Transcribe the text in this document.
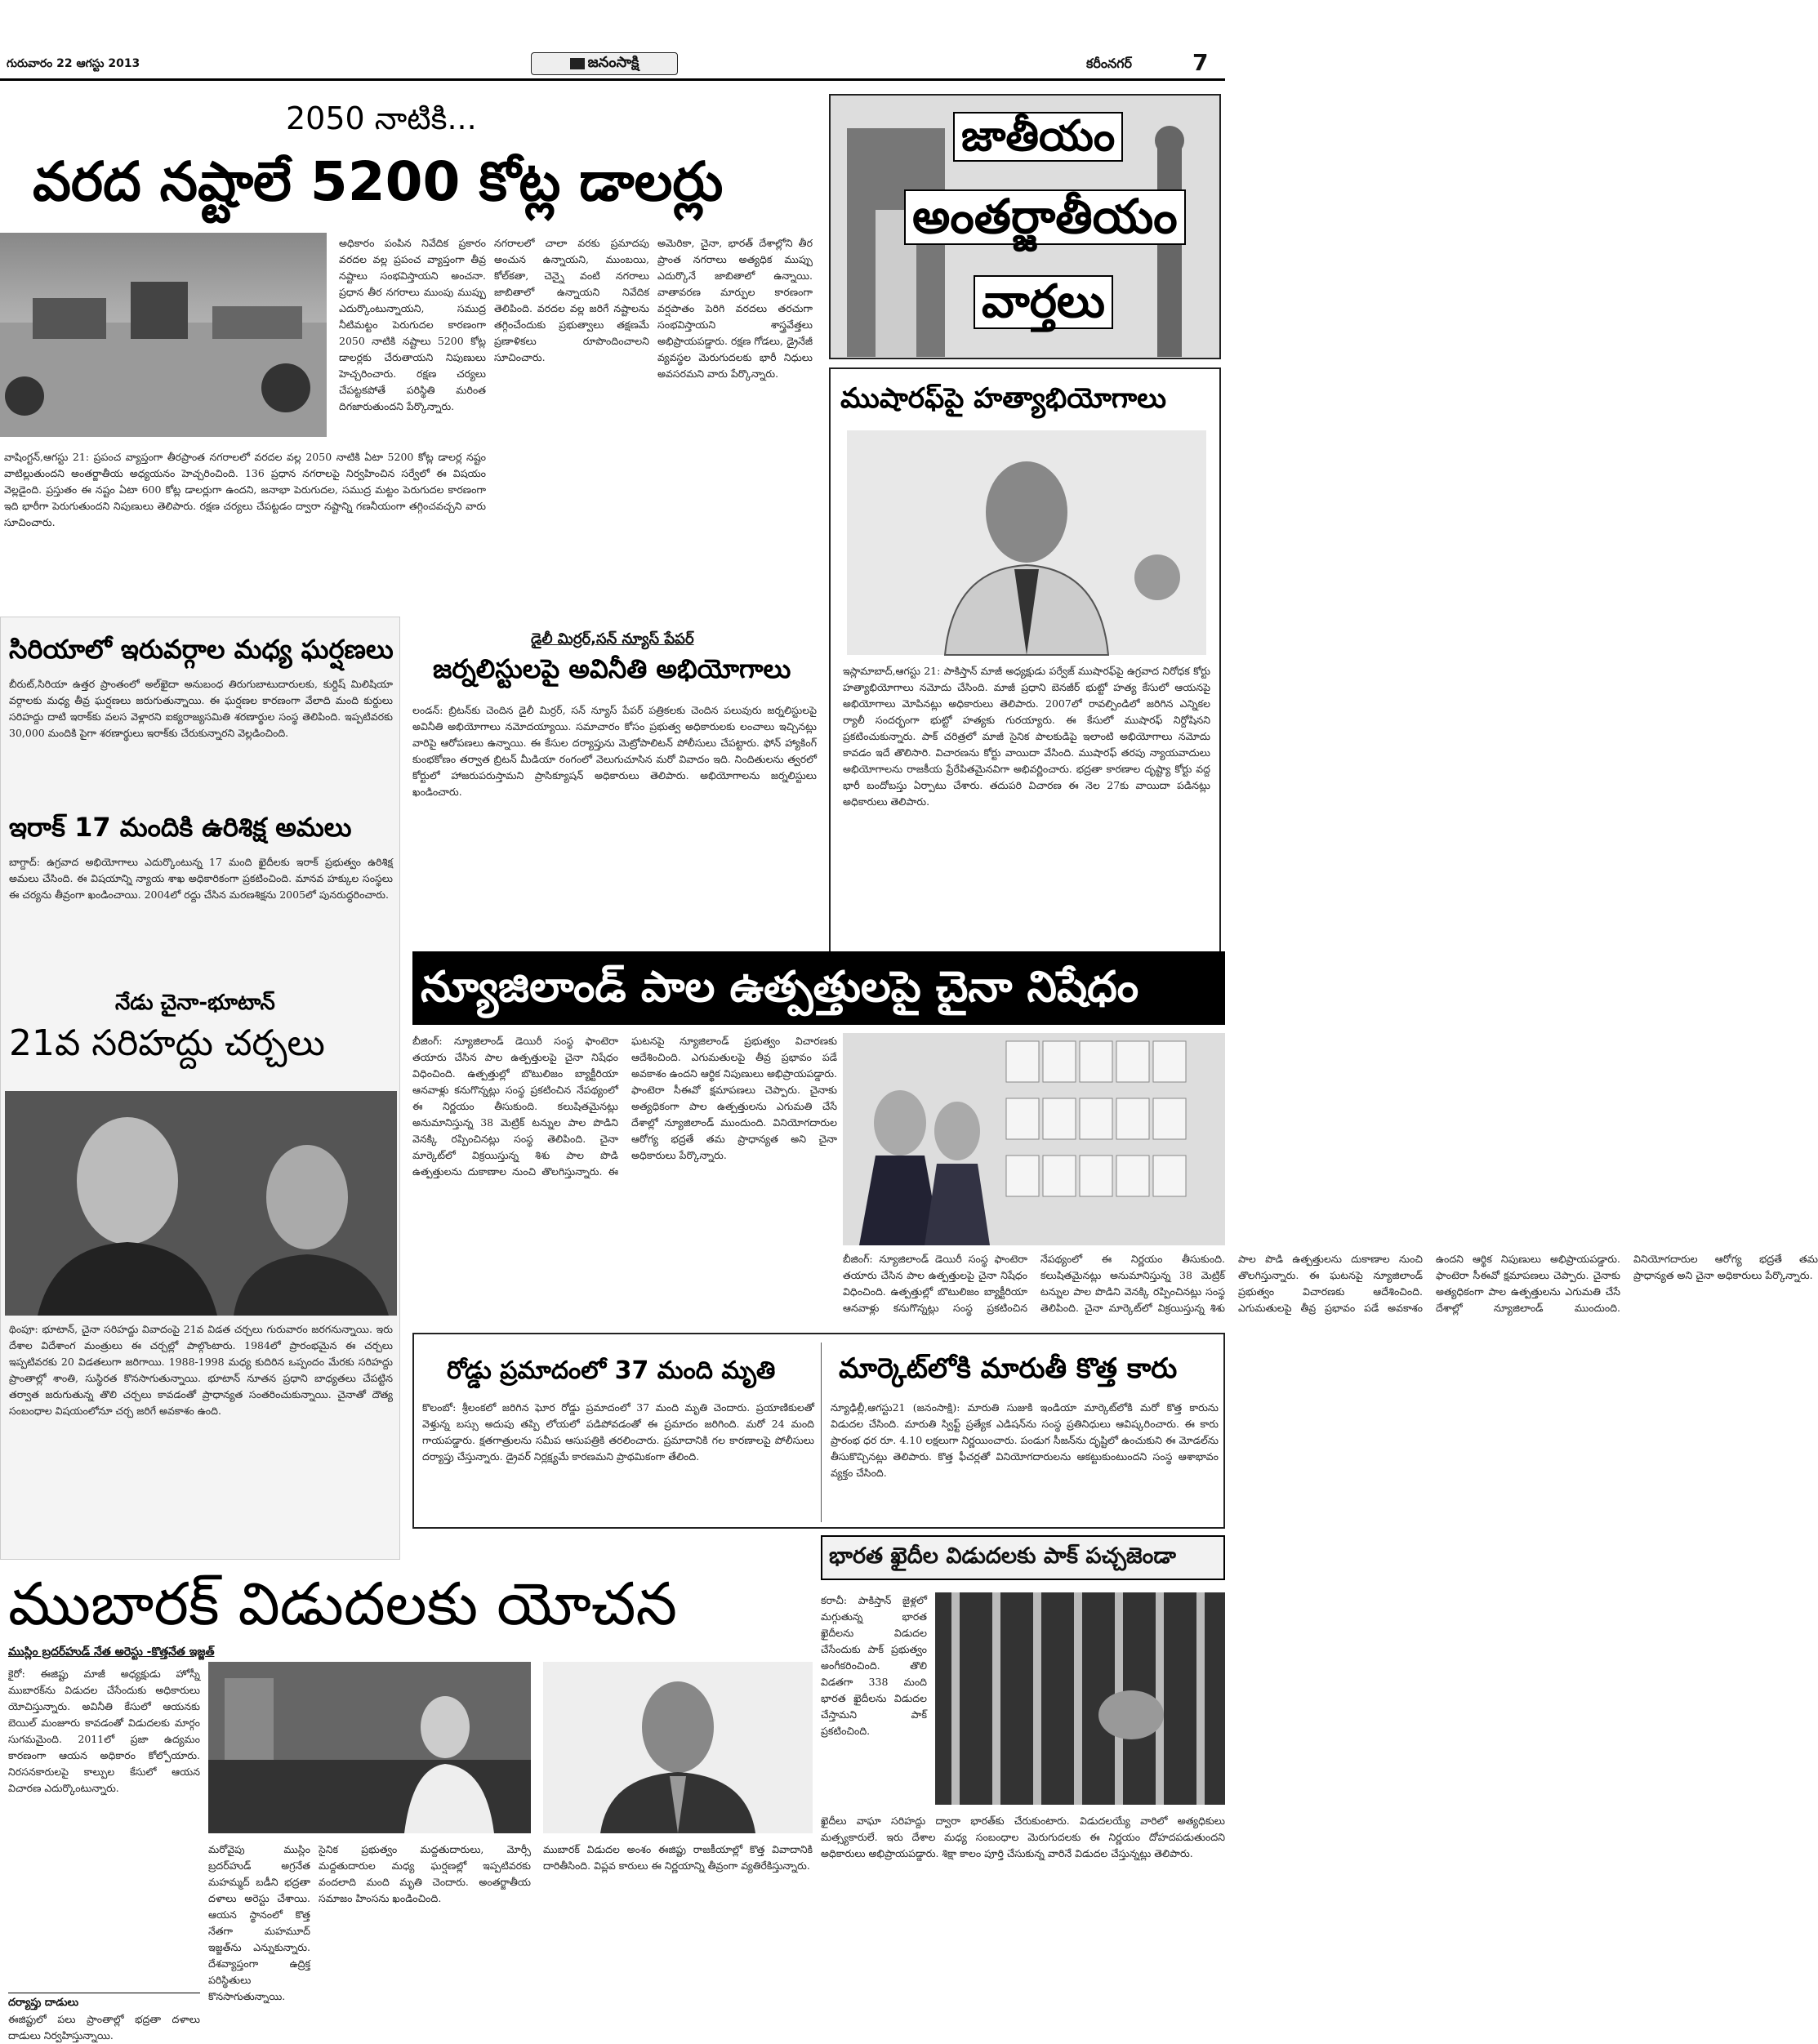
గురువారం 22 ఆగస్టు 2013	జనంసాక్షి	కరీంనగర్	7
2050 నాటికి...
వరద నష్టాలే 5200 కోట్ల డాలర్లు
అధికారం పంపిన నివేదిక ప్రకారం వరదల వల్ల ప్రపంచ వ్యాప్తంగా తీవ్ర నష్టాలు సంభవిస్తాయని అంచనా. ప్రధాన తీర నగరాలు ముంపు ముప్పు ఎదుర్కొంటున్నాయని, సముద్ర నీటిమట్టం పెరుగుదల కారణంగా 2050 నాటికి నష్టాలు 5200 కోట్ల డాలర్లకు చేరుతాయని నిపుణులు హెచ్చరించారు. రక్షణ చర్యలు చేపట్టకపోతే పరిస్థితి మరింత దిగజారుతుందని పేర్కొన్నారు.
నగరాలలో చాలా వరకు ప్రమాదపు అంచున ఉన్నాయని, ముంబయి, కోల్‌కతా, చెన్నై వంటి నగరాలు జాబితాలో ఉన్నాయని నివేదిక తెలిపింది. వరదల వల్ల జరిగే నష్టాలను తగ్గించేందుకు ప్రభుత్వాలు తక్షణమే ప్రణాళికలు రూపొందించాలని సూచించారు.
అమెరికా, చైనా, భారత్ దేశాల్లోని తీర ప్రాంత నగరాలు అత్యధిక ముప్పు ఎదుర్కొనే జాబితాలో ఉన్నాయి. వాతావరణ మార్పుల కారణంగా వర్షపాతం పెరిగి వరదలు తరచుగా సంభవిస్తాయని శాస్త్రవేత్తలు అభిప్రాయపడ్డారు. రక్షణ గోడలు, డ్రైనేజీ వ్యవస్థల మెరుగుదలకు భారీ నిధులు అవసరమని వారు పేర్కొన్నారు.
వాషింగ్టన్,ఆగస్టు 21: ప్రపంచ వ్యాప్తంగా తీరప్రాంత నగరాలలో వరదల వల్ల 2050 నాటికి ఏటా 5200 కోట్ల డాలర్ల నష్టం వాటిల్లుతుందని అంతర్జాతీయ అధ్యయనం హెచ్చరించింది. 136 ప్రధాన నగరాలపై నిర్వహించిన సర్వేలో ఈ విషయం వెల్లడైంది. ప్రస్తుతం ఈ నష్టం ఏటా 600 కోట్ల డాలర్లుగా ఉందని, జనాభా పెరుగుదల, సముద్ర మట్టం పెరుగుదల కారణంగా ఇది భారీగా పెరుగుతుందని నిపుణులు తెలిపారు. రక్షణ చర్యలు చేపట్టడం ద్వారా నష్టాన్ని గణనీయంగా తగ్గించవచ్చని వారు సూచించారు.
జాతీయం
అంతర్జాతీయం
వార్తలు
ముషారఫ్‌పై హత్యాభియోగాలు
ఇస్లామాబాద్,ఆగస్టు 21: పాకిస్తాన్ మాజీ అధ్యక్షుడు పర్వేజ్ ముషారఫ్‌పై ఉగ్రవాద నిరోధక కోర్టు హత్యాభియోగాలు నమోదు చేసింది. మాజీ ప్రధాని బెనజీర్ భుట్టో హత్య కేసులో ఆయనపై అభియోగాలు మోపినట్లు అధికారులు తెలిపారు. 2007లో రావల్పిండిలో జరిగిన ఎన్నికల ర్యాలీ సందర్భంగా భుట్టో హత్యకు గురయ్యారు. ఈ కేసులో ముషారఫ్ నిర్దోషినని ప్రకటించుకున్నారు. పాక్ చరిత్రలో మాజీ సైనిక పాలకుడిపై ఇలాంటి అభియోగాలు నమోదు కావడం ఇదే తొలిసారి. విచారణను కోర్టు వాయిదా వేసింది. ముషారఫ్ తరపు న్యాయవాదులు అభియోగాలను రాజకీయ ప్రేరేపితమైనవిగా అభివర్ణించారు. భద్రతా కారణాల దృష్ట్యా కోర్టు వద్ద భారీ బందోబస్తు ఏర్పాటు చేశారు. తదుపరి విచారణ ఈ నెల 27కు వాయిదా పడినట్లు అధికారులు తెలిపారు.
సిరియాలో ఇరువర్గాల మధ్య ఘర్షణలు
బీరుట్,సిరియా ఉత్తర ప్రాంతంలో అల్‌ఖైదా అనుబంధ తిరుగుబాటుదారులకు, కుర్దిష్ మిలిషియా వర్గాలకు మధ్య తీవ్ర ఘర్షణలు జరుగుతున్నాయి. ఈ ఘర్షణల కారణంగా వేలాది మంది కుర్దులు సరిహద్దు దాటి ఇరాక్‌కు వలస వెళ్లారని ఐక్యరాజ్యసమితి శరణార్థుల సంస్థ తెలిపింది. ఇప్పటివరకు 30,000 మందికి పైగా శరణార్థులు ఇరాక్‌కు చేరుకున్నారని వెల్లడించింది.
ఇరాక్ 17 మందికి ఉరిశిక్ష అమలు
బాగ్దాద్: ఉగ్రవాద అభియోగాలు ఎదుర్కొంటున్న 17 మంది ఖైదీలకు ఇరాక్ ప్రభుత్వం ఉరిశిక్ష అమలు చేసింది. ఈ విషయాన్ని న్యాయ శాఖ అధికారికంగా ప్రకటించింది. మానవ హక్కుల సంస్థలు ఈ చర్యను తీవ్రంగా ఖండించాయి. 2004లో రద్దు చేసిన మరణశిక్షను 2005లో పునరుద్ధరించారు.
నేడు చైనా-భూటాన్
21వ సరిహద్దు చర్చలు
థింపూ: భూటాన్, చైనా సరిహద్దు వివాదంపై 21వ విడత చర్చలు గురువారం జరగనున్నాయి. ఇరు దేశాల విదేశాంగ మంత్రులు ఈ చర్చల్లో పాల్గొంటారు. 1984లో ప్రారంభమైన ఈ చర్చలు ఇప్పటివరకు 20 విడతలుగా జరిగాయి. 1988-1998 మధ్య కుదిరిన ఒప్పందం మేరకు సరిహద్దు ప్రాంతాల్లో శాంతి, సుస్థిరత కొనసాగుతున్నాయి. భూటాన్ నూతన ప్రధాని బాధ్యతలు చేపట్టిన తర్వాత జరుగుతున్న తొలి చర్చలు కావడంతో ప్రాధాన్యత సంతరించుకున్నాయి. చైనాతో దౌత్య సంబంధాల విషయంలోనూ చర్చ జరిగే అవకాశం ఉంది.
డైలీ మిర్రర్,సన్ న్యూస్ పేపర్
జర్నలిస్టులపై అవినీతి అభియోగాలు
లండన్: బ్రిటన్‌కు చెందిన డైలీ మిర్రర్, సన్ న్యూస్ పేపర్ పత్రికలకు చెందిన పలువురు జర్నలిస్టులపై అవినీతి అభియోగాలు నమోదయ్యాయి. సమాచారం కోసం ప్రభుత్వ అధికారులకు లంచాలు ఇచ్చినట్లు వారిపై ఆరోపణలు ఉన్నాయి. ఈ కేసుల దర్యాప్తును మెట్రోపాలిటన్ పోలీసులు చేపట్టారు. ఫోన్ హ్యాకింగ్ కుంభకోణం తర్వాత బ్రిటన్ మీడియా రంగంలో వెలుగుచూసిన మరో వివాదం ఇది. నిందితులను త్వరలో కోర్టులో హాజరుపరుస్తామని ప్రాసిక్యూషన్ అధికారులు తెలిపారు. అభియోగాలను జర్నలిస్టులు ఖండించారు.
న్యూజిలాండ్ పాల ఉత్పత్తులపై చైనా నిషేధం
బీజింగ్: న్యూజిలాండ్ డెయిరీ సంస్థ ఫాంటెరా తయారు చేసిన పాల ఉత్పత్తులపై చైనా నిషేధం విధించింది. ఉత్పత్తుల్లో బొటులిజం బ్యాక్టీరియా ఆనవాళ్లు కనుగొన్నట్లు సంస్థ ప్రకటించిన నేపథ్యంలో ఈ నిర్ణయం తీసుకుంది. కలుషితమైనట్లు అనుమానిస్తున్న 38 మెట్రిక్ టన్నుల పాల పొడిని వెనక్కి రప్పించినట్లు సంస్థ తెలిపింది. చైనా మార్కెట్‌లో విక్రయిస్తున్న శిశు పాల పొడి ఉత్పత్తులను దుకాణాల నుంచి తొలగిస్తున్నారు. ఈ ఘటనపై న్యూజిలాండ్ ప్రభుత్వం విచారణకు ఆదేశించింది. ఎగుమతులపై తీవ్ర ప్రభావం పడే అవకాశం ఉందని ఆర్థిక నిపుణులు అభిప్రాయపడ్డారు. ఫాంటెరా సీఈవో క్షమాపణలు చెప్పారు. చైనాకు అత్యధికంగా పాల ఉత్పత్తులను ఎగుమతి చేసే దేశాల్లో న్యూజిలాండ్ ముందుంది. వినియోగదారుల ఆరోగ్య భద్రతే తమ ప్రాధాన్యత అని చైనా అధికారులు పేర్కొన్నారు.
బీజింగ్: న్యూజిలాండ్ డెయిరీ సంస్థ ఫాంటెరా తయారు చేసిన పాల ఉత్పత్తులపై చైనా నిషేధం విధించింది. ఉత్పత్తుల్లో బొటులిజం బ్యాక్టీరియా ఆనవాళ్లు కనుగొన్నట్లు సంస్థ ప్రకటించిన నేపథ్యంలో ఈ నిర్ణయం తీసుకుంది. కలుషితమైనట్లు అనుమానిస్తున్న 38 మెట్రిక్ టన్నుల పాల పొడిని వెనక్కి రప్పించినట్లు సంస్థ తెలిపింది. చైనా మార్కెట్‌లో విక్రయిస్తున్న శిశు పాల పొడి ఉత్పత్తులను దుకాణాల నుంచి తొలగిస్తున్నారు. ఈ ఘటనపై న్యూజిలాండ్ ప్రభుత్వం విచారణకు ఆదేశించింది. ఎగుమతులపై తీవ్ర ప్రభావం పడే అవకాశం ఉందని ఆర్థిక నిపుణులు అభిప్రాయపడ్డారు. ఫాంటెరా సీఈవో క్షమాపణలు చెప్పారు. చైనాకు అత్యధికంగా పాల ఉత్పత్తులను ఎగుమతి చేసే దేశాల్లో న్యూజిలాండ్ ముందుంది. వినియోగదారుల ఆరోగ్య భద్రతే తమ ప్రాధాన్యత అని చైనా అధికారులు పేర్కొన్నారు.
రోడ్డు ప్రమాదంలో 37 మంది మృతి
కొలంబో: శ్రీలంకలో జరిగిన ఘోర రోడ్డు ప్రమాదంలో 37 మంది మృతి చెందారు. ప్రయాణికులతో వెళ్తున్న బస్సు అదుపు తప్పి లోయలో పడిపోవడంతో ఈ ప్రమాదం జరిగింది. మరో 24 మంది గాయపడ్డారు. క్షతగాత్రులను సమీప ఆసుపత్రికి తరలించారు. ప్రమాదానికి గల కారణాలపై పోలీసులు దర్యాప్తు చేస్తున్నారు. డ్రైవర్ నిర్లక్ష్యమే కారణమని ప్రాథమికంగా తేలింది.
మార్కెట్‌లోకి మారుతీ కొత్త కారు
న్యూఢిల్లీ,ఆగస్టు21 (జనంసాక్షి): మారుతి సుజుకి ఇండియా మార్కెట్‌లోకి మరో కొత్త కారును విడుదల చేసింది. మారుతి స్విఫ్ట్ ప్రత్యేక ఎడిషన్‌ను సంస్థ ప్రతినిధులు ఆవిష్కరించారు. ఈ కారు ప్రారంభ ధర రూ. 4.10 లక్షలుగా నిర్ణయించారు. పండుగ సీజన్‌ను దృష్టిలో ఉంచుకుని ఈ మోడల్‌ను తీసుకొచ్చినట్లు తెలిపారు. కొత్త ఫీచర్లతో వినియోగదారులను ఆకట్టుకుంటుందని సంస్థ ఆశాభావం వ్యక్తం చేసింది.
ముబారక్ విడుదలకు యోచన
ముస్లిం బ్రదర్‌హుడ్ నేత అరెస్టు -కొత్తనేత ఇజ్జత్
కైరో: ఈజిప్టు మాజీ అధ్యక్షుడు హోస్నీ ముబారక్‌ను విడుదల చేసేందుకు అధికారులు యోచిస్తున్నారు. అవినీతి కేసులో ఆయనకు బెయిల్ మంజూరు కావడంతో విడుదలకు మార్గం సుగమమైంది. 2011లో ప్రజా ఉద్యమం కారణంగా ఆయన అధికారం కోల్పోయారు. నిరసనకారులపై కాల్పుల కేసులో ఆయన విచారణ ఎదుర్కొంటున్నారు.
దర్యాప్తు దాడులు
ఈజిప్టులో పలు ప్రాంతాల్లో భద్రతా దళాలు దాడులు నిర్వహిస్తున్నాయి.
మరోవైపు ముస్లిం బ్రదర్‌హుడ్ అగ్రనేత మహమ్మద్ బడీని భద్రతా దళాలు అరెస్టు చేశాయి. ఆయన స్థానంలో కొత్త నేతగా మహమూద్ ఇజ్జత్‌ను ఎన్నుకున్నారు. దేశవ్యాప్తంగా ఉద్రిక్త పరిస్థితులు కొనసాగుతున్నాయి.
సైనిక ప్రభుత్వం మద్దతుదారులు, మోర్సీ మద్దతుదారుల మధ్య ఘర్షణల్లో ఇప్పటివరకు వందలాది మంది మృతి చెందారు. అంతర్జాతీయ సమాజం హింసను ఖండించింది.
ముబారక్ విడుదల అంశం ఈజిప్టు రాజకీయాల్లో కొత్త వివాదానికి దారితీసింది. విప్లవ కారులు ఈ నిర్ణయాన్ని తీవ్రంగా వ్యతిరేకిస్తున్నారు.
భారత ఖైదీల విడుదలకు పాక్ పచ్చజెండా
కరాచీ: పాకిస్తాన్ జైళ్లలో మగ్గుతున్న భారత ఖైదీలను విడుదల చేసేందుకు పాక్ ప్రభుత్వం అంగీకరించింది. తొలి విడతగా 338 మంది భారత ఖైదీలను విడుదల చేస్తామని పాక్ ప్రకటించింది.
ఖైదీలు వాఘా సరిహద్దు ద్వారా భారత్‌కు చేరుకుంటారు. విడుదలయ్యే వారిలో అత్యధికులు మత్స్యకారులే. ఇరు దేశాల మధ్య సంబంధాల మెరుగుదలకు ఈ నిర్ణయం దోహదపడుతుందని అధికారులు అభిప్రాయపడ్డారు. శిక్షా కాలం పూర్తి చేసుకున్న వారినే విడుదల చేస్తున్నట్లు తెలిపారు.
